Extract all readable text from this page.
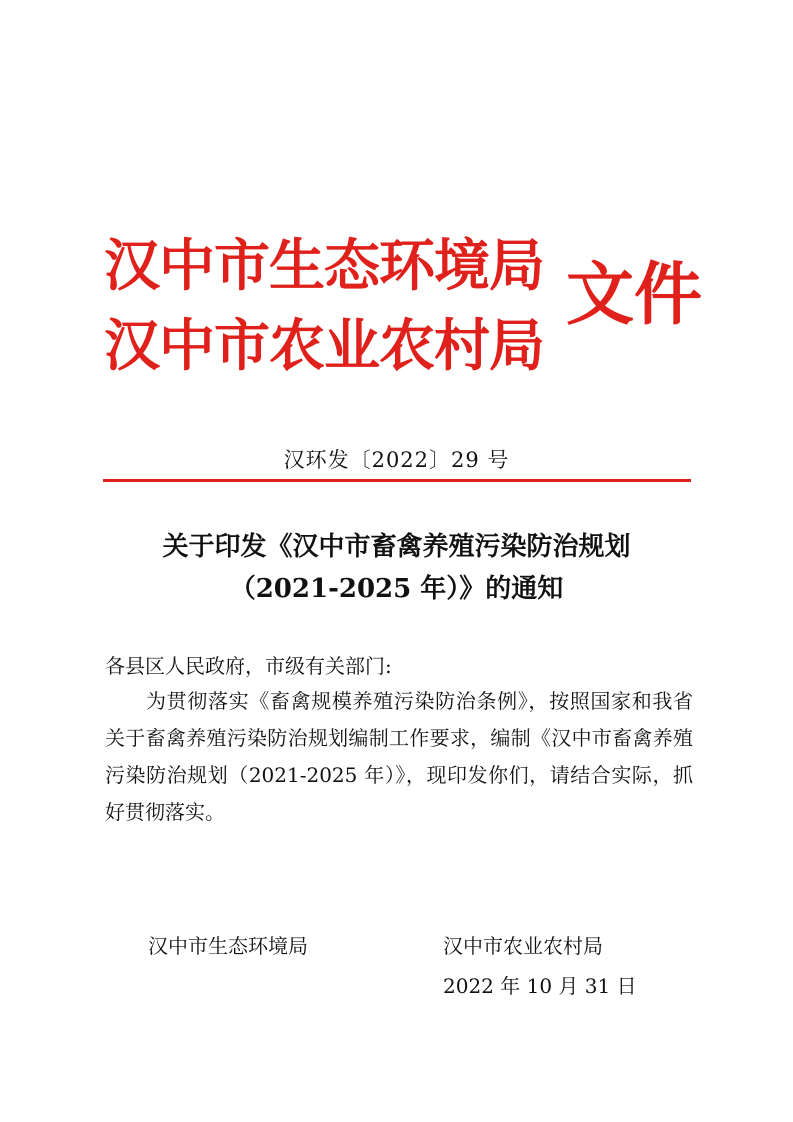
汉中市生态环境局
汉中市农业农村局
文件
汉环发〔2022〕29 号
关于印发《汉中市畜禽养殖污染防治规划
（2021-2025 年）》的通知
各县区人民政府，市级有关部门:
为贯彻落实《畜禽规模养殖污染防治条例》，按照国家和我省关于畜禽养殖污染防治规划编制工作要求，编制《汉中市畜禽养殖污染防治规划（2021-2025 年）》，现印发你们，请结合实际，抓好贯彻落实。
汉中市生态环境局	汉中市农业农村局
2022 年 10 月 31 日
